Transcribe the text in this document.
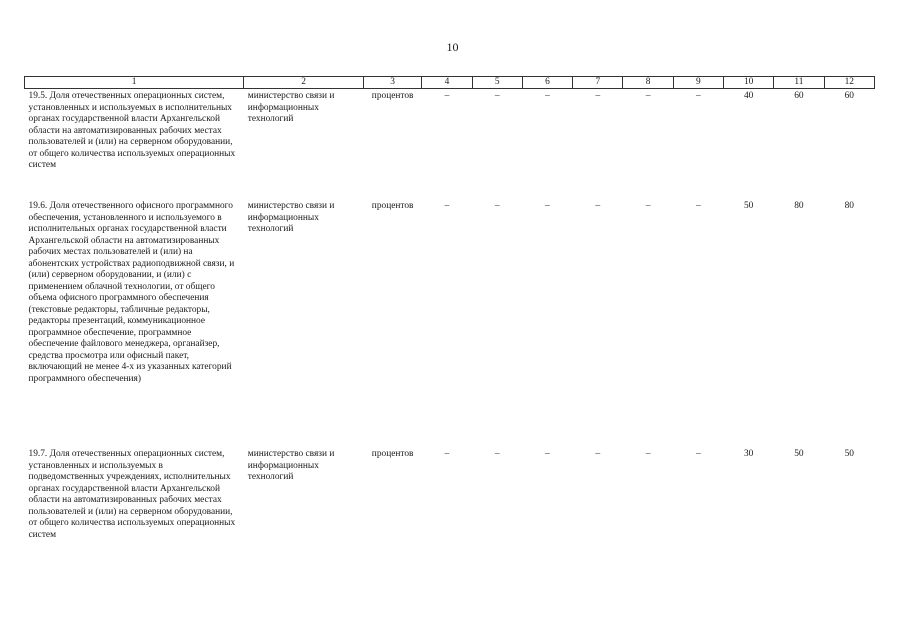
10
1	2	3	4	5	6	7	8	9	10	11	12

19.5. Доля отечественных операционных систем, установленных и используемых в исполнительных органах государственной власти Архангельской области на автоматизированных рабочих местах пользователей и (или) на серверном оборудовании, от общего количества используемых операционных систем	министерство связи и информационных технологий	процентов	–	–	–	–	–	–	40	60	60

19.6. Доля отечественного офисного программного обеспечения, установленного и используемого в исполнительных органах государственной власти Архангельской области на автоматизированных рабочих местах пользователей и (или) на абонентских устройствах радиоподвижной связи, и (или) серверном оборудовании, и (или) с применением облачной технологии, от общего объема офисного программного обеспечения (текстовые редакторы, табличные редакторы, редакторы презентаций, коммуникационное программное обеспечение, программное обеспечение файлового менеджера, органайзер, средства просмотра или офисный пакет, включающий не менее 4-х из указанных категорий программного обеспечения)	министерство связи и информационных технологий	процентов	–	–	–	–	–	–	50	80	80

19.7. Доля отечественных операционных систем, установленных и используемых в подведомственных учреждениях, исполнительных органах государственной власти Архангельской области на автоматизированных рабочих местах пользователей и (или) на серверном оборудовании, от общего количества используемых операционных систем	министерство связи и информационных технологий	процентов	–	–	–	–	–	–	30	50	50
